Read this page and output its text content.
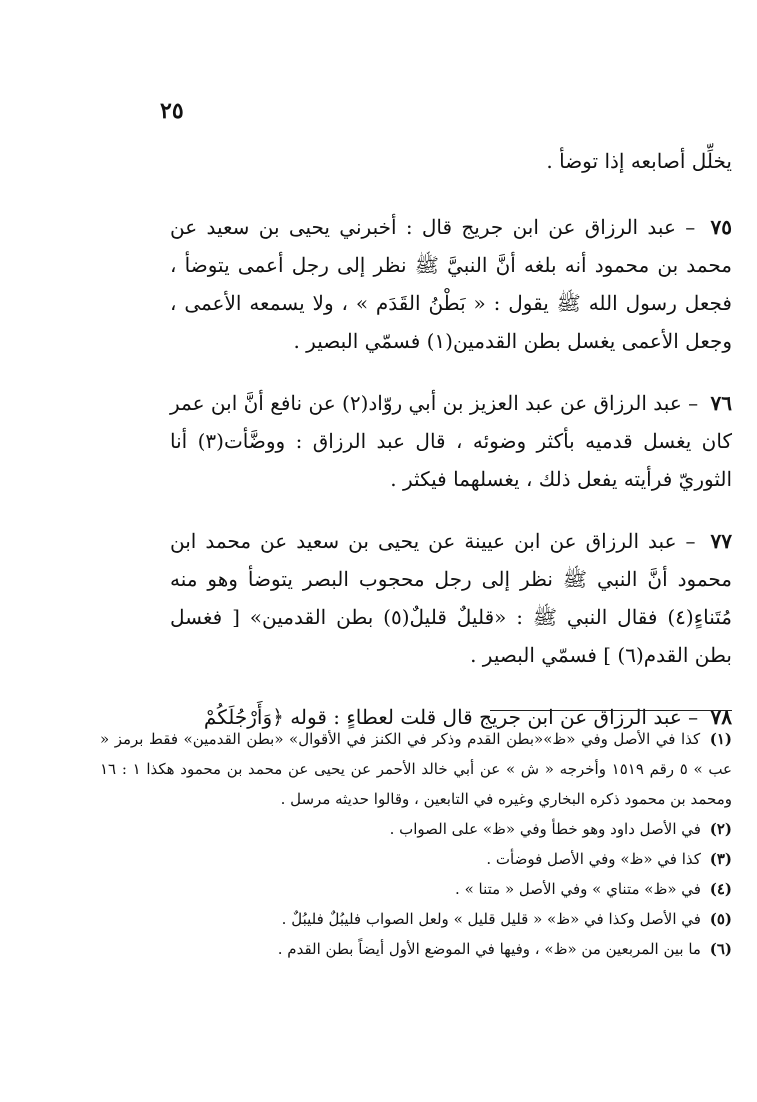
٢٥

يخلِّل أصابعه إذا توضأ .

٧٥ – عبد الرزاق عن ابن جريج قال : أخبرني يحيى بن سعيد عن محمد بن محمود أنه بلغه أنَّ النبيَّ ﷺ نظر إلى رجل أعمى يتوضأ ، فجعل رسول الله ﷺ يقول : « بَطْنُ القَدَم » ، ولا يسمعه الأعمى ، وجعل الأعمى يغسل بطن القدمين(١) فسمّي البصير .

٧٦ – عبد الرزاق عن عبد العزيز بن أبي روّاد(٢) عن نافع أنَّ ابن عمر كان يغسل قدميه بأكثر وضوئه ، قال عبد الرزاق : ووضَّأت(٣) أنا الثوريّ فرأيته يفعل ذلك ، يغسلهما فيكثر .

٧٧ – عبد الرزاق عن ابن عيينة عن يحيى بن سعيد عن محمد ابن محمود أنَّ النبي ﷺ نظر إلى رجل محجوب البصر يتوضأ وهو منه مُتَناءٍ(٤) فقال النبي ﷺ : «قليلٌ قليلٌ(٥) بطن القدمين» [ فغسل بطن القدم(٦) ] فسمّي البصير .

٧٨ – عبد الرزاق عن ابن جريج قال قلت لعطاءٍ : قوله ﴿وَأَرْجُلَكُمْ

(١) كذا في الأصل وفي «ظ»«بطن القدم وذكر في الكنز في الأقوال» «بطن القدمين» فقط برمز « عب » ٥ رقم ١٥١٩ وأخرجه « ش » عن أبي خالد الأحمر عن يحيى عن محمد بن محمود هكذا ١ : ١٦ ومحمد بن محمود ذكره البخاري وغيره في التابعين ، وقالوا حديثه مرسل .

(٢) في الأصل داود وهو خطأ وفي «ظ» على الصواب .

(٣) كذا في «ظ» وفي الأصل فوضأت .

(٤) في «ظ» متناي » وفي الأصل « متنا » .

(٥) في الأصل وكذا في «ظ» « قليل قليل » ولعل الصواب فليبُلٌ فليبُلٌ .

(٦) ما بين المربعين من «ظ» ، وفيها في الموضع الأول أيضاً بطن القدم .
